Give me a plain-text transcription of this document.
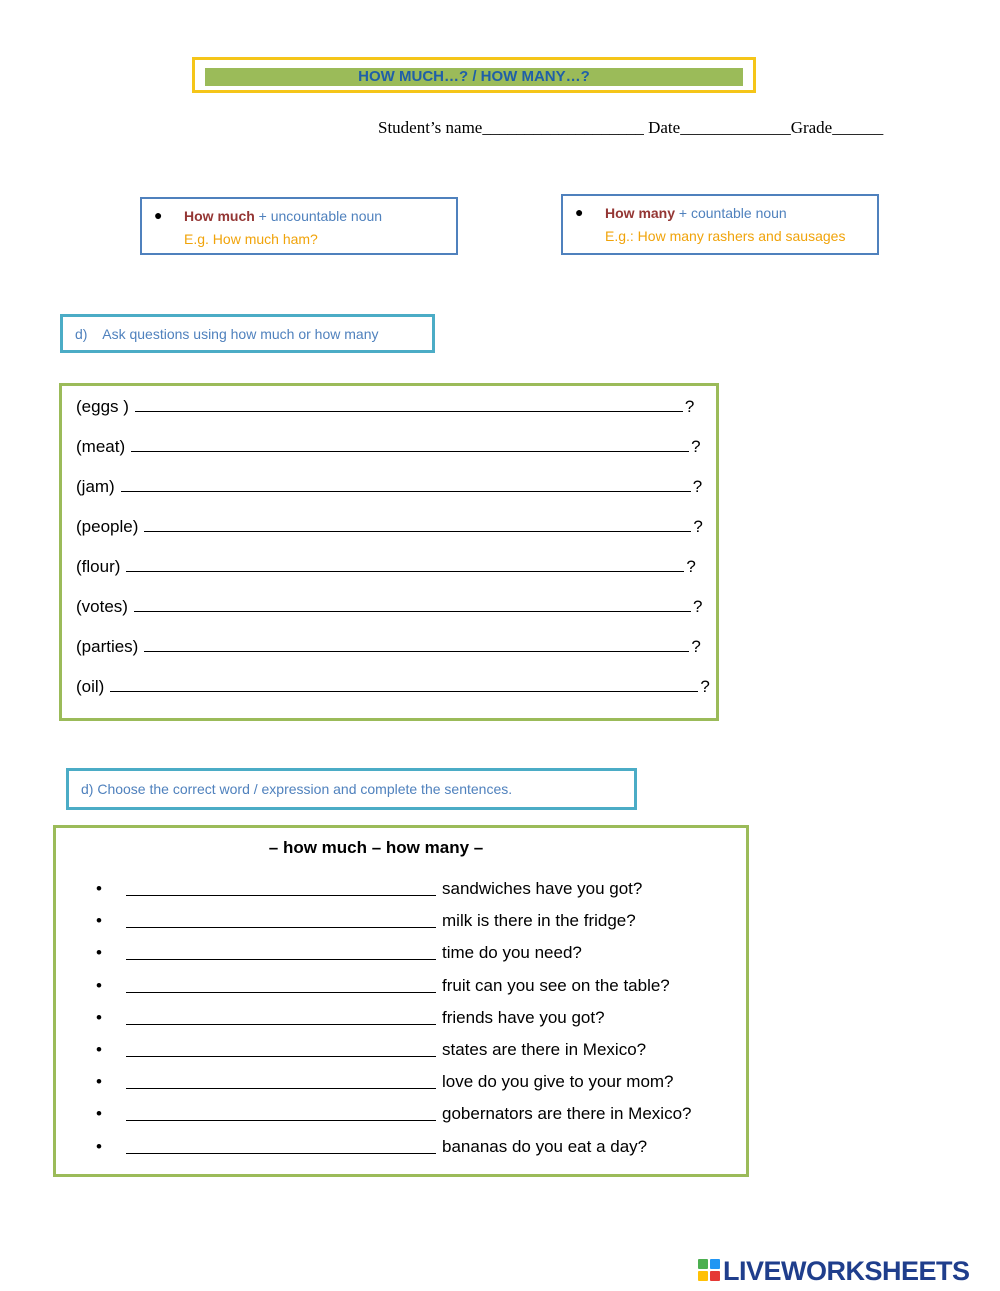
HOW MUCH…? / HOW MANY…?
Student’s name___________________ Date_____________Grade______
● How much + uncountable noun
E.g. How much ham?
● How many + countable noun
E.g.: How many rashers and sausages
d)    Ask questions using how much or how many
(eggs )	?
(meat)	?
(jam)	?
(people)	?
(flour)	?
(votes)	?
(parties)	?
(oil)	?
d) Choose the correct word / expression and complete the sentences.
– how much – how many –
•	sandwiches have you got?
•	milk is there in the fridge?
•	time do you need?
•	fruit can you see on the table?
•	friends have you got?
•	states are there in Mexico?
•	love do you give to your mom?
•	gobernators are there in Mexico?
•	bananas do you eat a day?
LIVEWORKSHEETS
